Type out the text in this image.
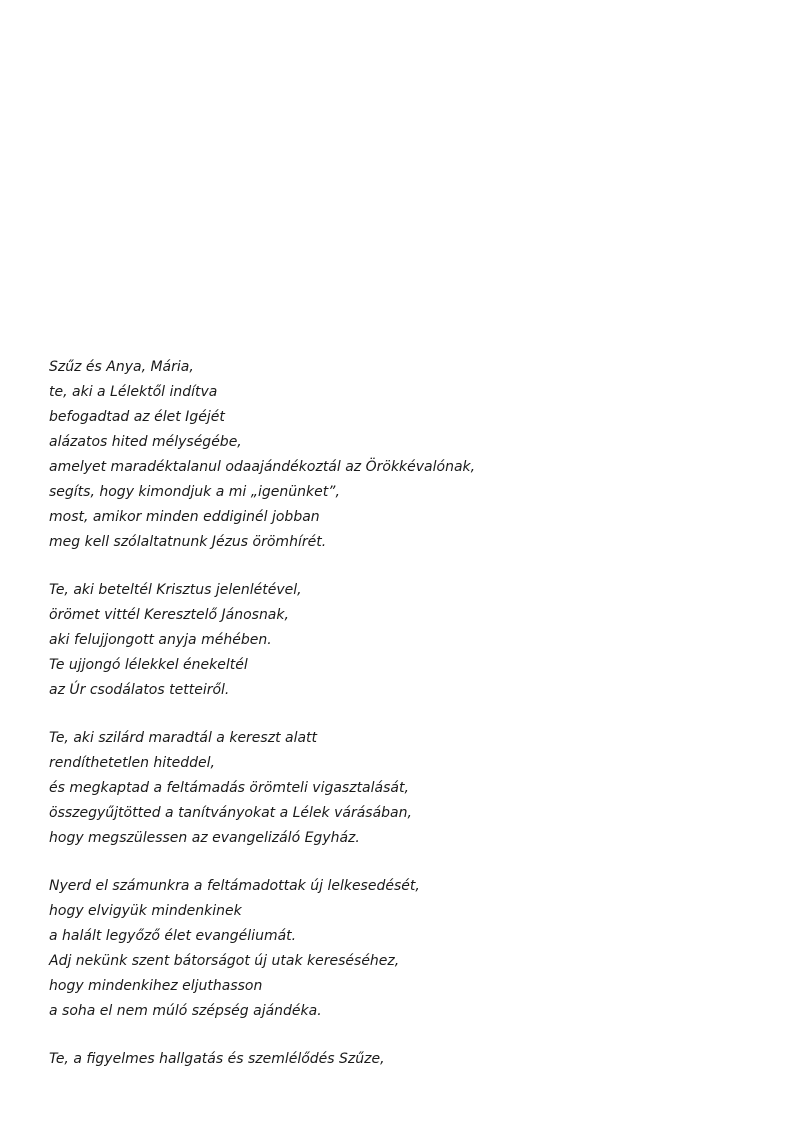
Szűz és Anya, Mária,
te, aki a Lélektől indítva
befogadtad az élet Igéjét
alázatos hited mélységébe,
amelyet maradéktalanul odaajándékoztál az Örökkévalónak,
segíts, hogy kimondjuk a mi „igenünket”,
most, amikor minden eddiginél jobban
meg kell szólaltatnunk Jézus örömhírét.
Te, aki beteltél Krisztus jelenlétével,
örömet vittél Keresztelő Jánosnak,
aki felujjongott anyja méhében.
Te ujjongó lélekkel énekeltél
az Úr csodálatos tetteiről.
Te, aki szilárd maradtál a kereszt alatt
rendíthetetlen hiteddel,
és megkaptad a feltámadás örömteli vigasztalását,
összegyűjtötted a tanítványokat a Lélek várásában,
hogy megszülessen az evangelizáló Egyház.
Nyerd el számunkra a feltámadottak új lelkesedését,
hogy elvigyük mindenkinek
a halált legyőző élet evangéliumát.
Adj nekünk szent bátorságot új utak kereséséhez,
hogy mindenkihez eljuthasson
a soha el nem múló szépség ajándéka.
Te, a figyelmes hallgatás és szemlélődés Szűze,
